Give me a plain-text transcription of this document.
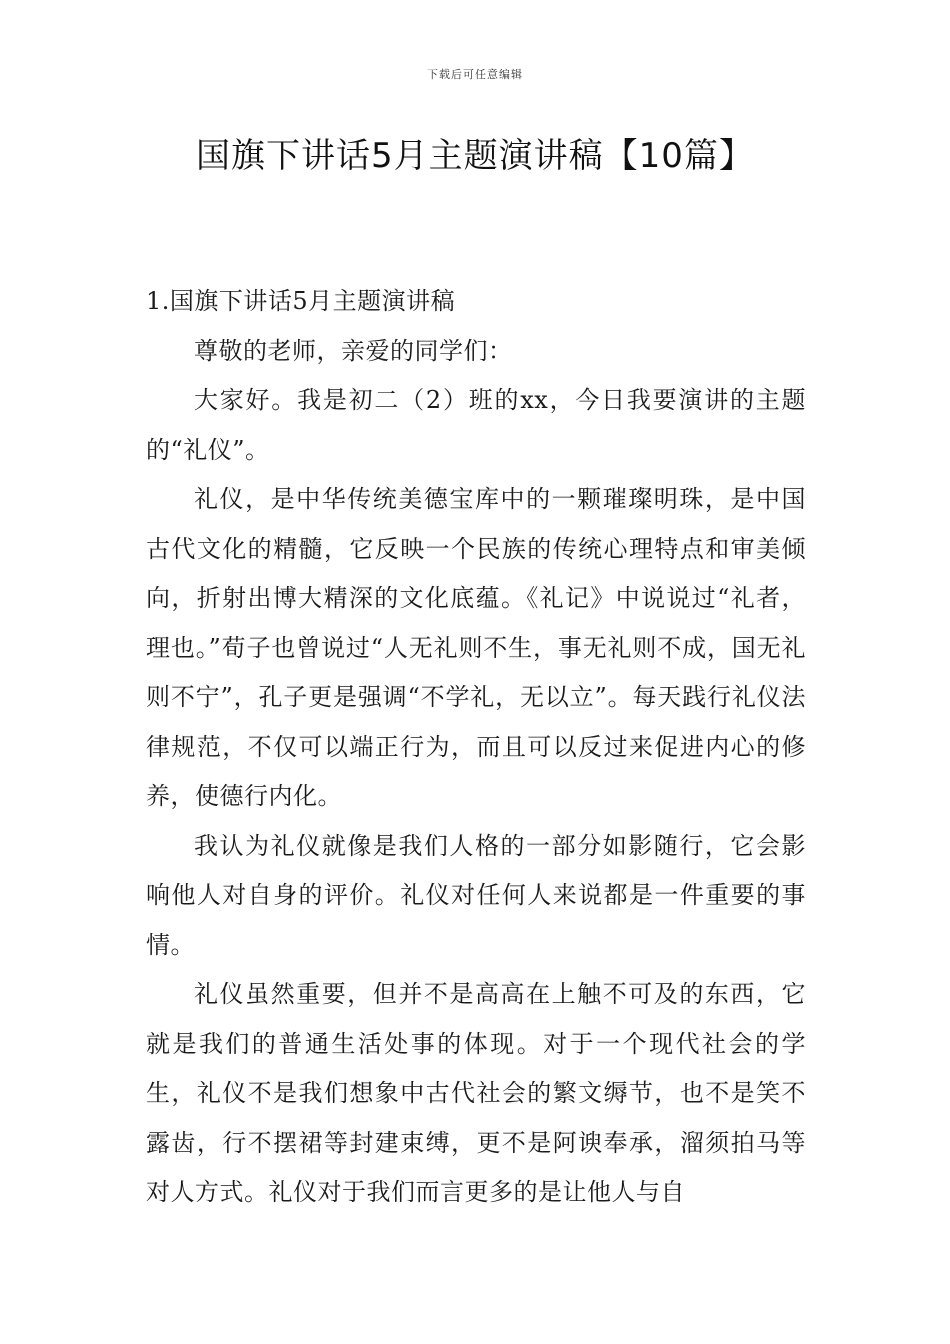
下载后可任意编辑
国旗下讲话5月主题演讲稿【10篇】

1.国旗下讲话5月主题演讲稿

尊敬的老师，亲爱的同学们：

大家好。我是初二（2）班的xx，今日我要演讲的主题的“礼仪”。

礼仪，是中华传统美德宝库中的一颗璀璨明珠，是中国古代文化的精髓，它反映一个民族的传统心理特点和审美倾向，折射出博大精深的文化底蕴。《礼记》中说说过“礼者，理也。”荀子也曾说过“人无礼则不生，事无礼则不成，国无礼则不宁”，孔子更是强调“不学礼，无以立”。每天践行礼仪法律规范，不仅可以端正行为，而且可以反过来促进内心的修养，使德行内化。

我认为礼仪就像是我们人格的一部分如影随行，它会影响他人对自身的评价。礼仪对任何人来说都是一件重要的事情。

礼仪虽然重要，但并不是高高在上触不可及的东西，它就是我们的普通生活处事的体现。对于一个现代社会的学生，礼仪不是我们想象中古代社会的繁文缛节，也不是笑不露齿，行不摆裙等封建束缚，更不是阿谀奉承，溜须拍马等对人方式。礼仪对于我们而言更多的是让他人与自
